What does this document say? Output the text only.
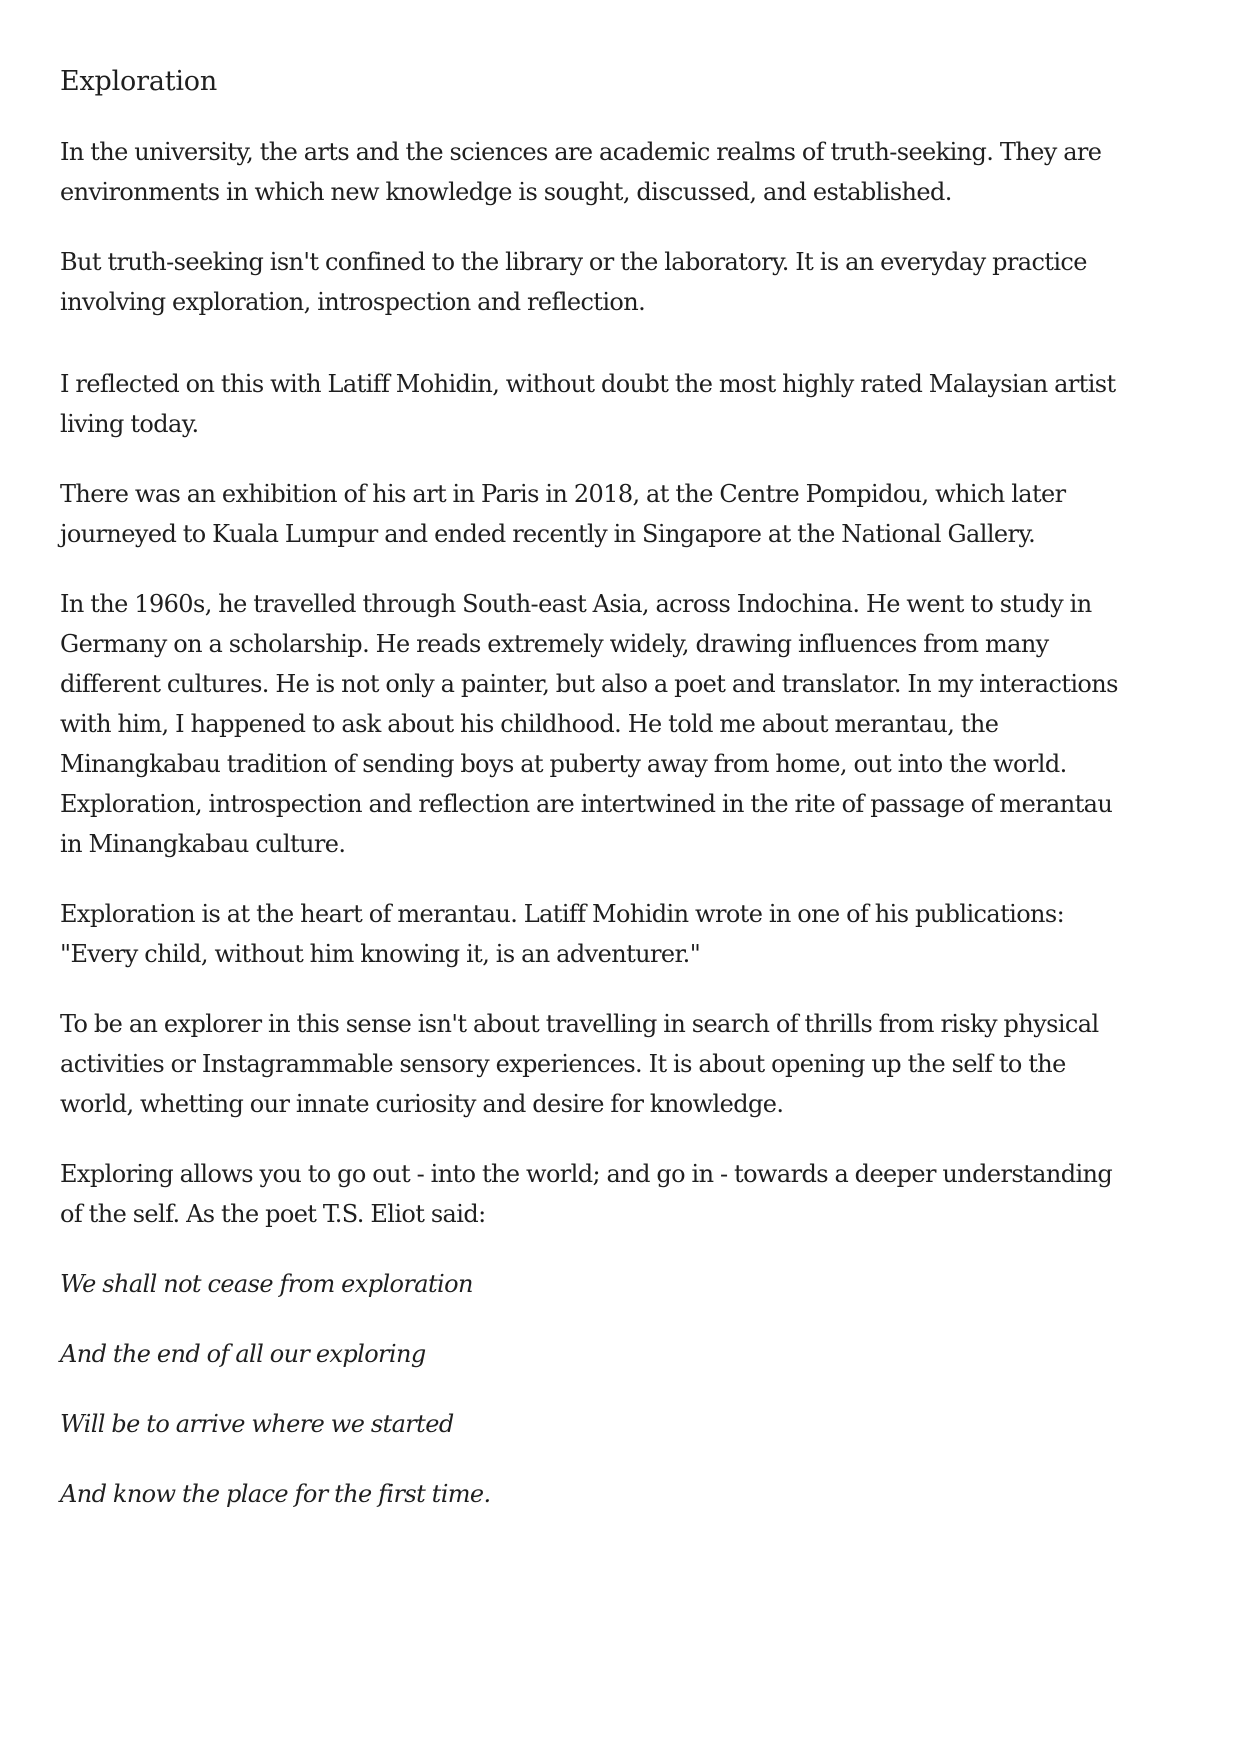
Exploration

In the university, the arts and the sciences are academic realms of truth-seeking. They are environments in which new knowledge is sought, discussed, and established.

But truth-seeking isn't confined to the library or the laboratory. It is an everyday practice involving exploration, introspection and reflection.

I reflected on this with Latiff Mohidin, without doubt the most highly rated Malaysian artist living today.

There was an exhibition of his art in Paris in 2018, at the Centre Pompidou, which later journeyed to Kuala Lumpur and ended recently in Singapore at the National Gallery.

In the 1960s, he travelled through South-east Asia, across Indochina. He went to study in Germany on a scholarship. He reads extremely widely, drawing influences from many different cultures. He is not only a painter, but also a poet and translator. In my interactions with him, I happened to ask about his childhood. He told me about merantau, the Minangkabau tradition of sending boys at puberty away from home, out into the world. Exploration, introspection and reflection are intertwined in the rite of passage of merantau in Minangkabau culture.

Exploration is at the heart of merantau. Latiff Mohidin wrote in one of his publications: "Every child, without him knowing it, is an adventurer."

To be an explorer in this sense isn't about travelling in search of thrills from risky physical activities or Instagrammable sensory experiences. It is about opening up the self to the world, whetting our innate curiosity and desire for knowledge.

Exploring allows you to go out - into the world; and go in - towards a deeper understanding of the self. As the poet T.S. Eliot said:

We shall not cease from exploration

And the end of all our exploring

Will be to arrive where we started

And know the place for the first time.
